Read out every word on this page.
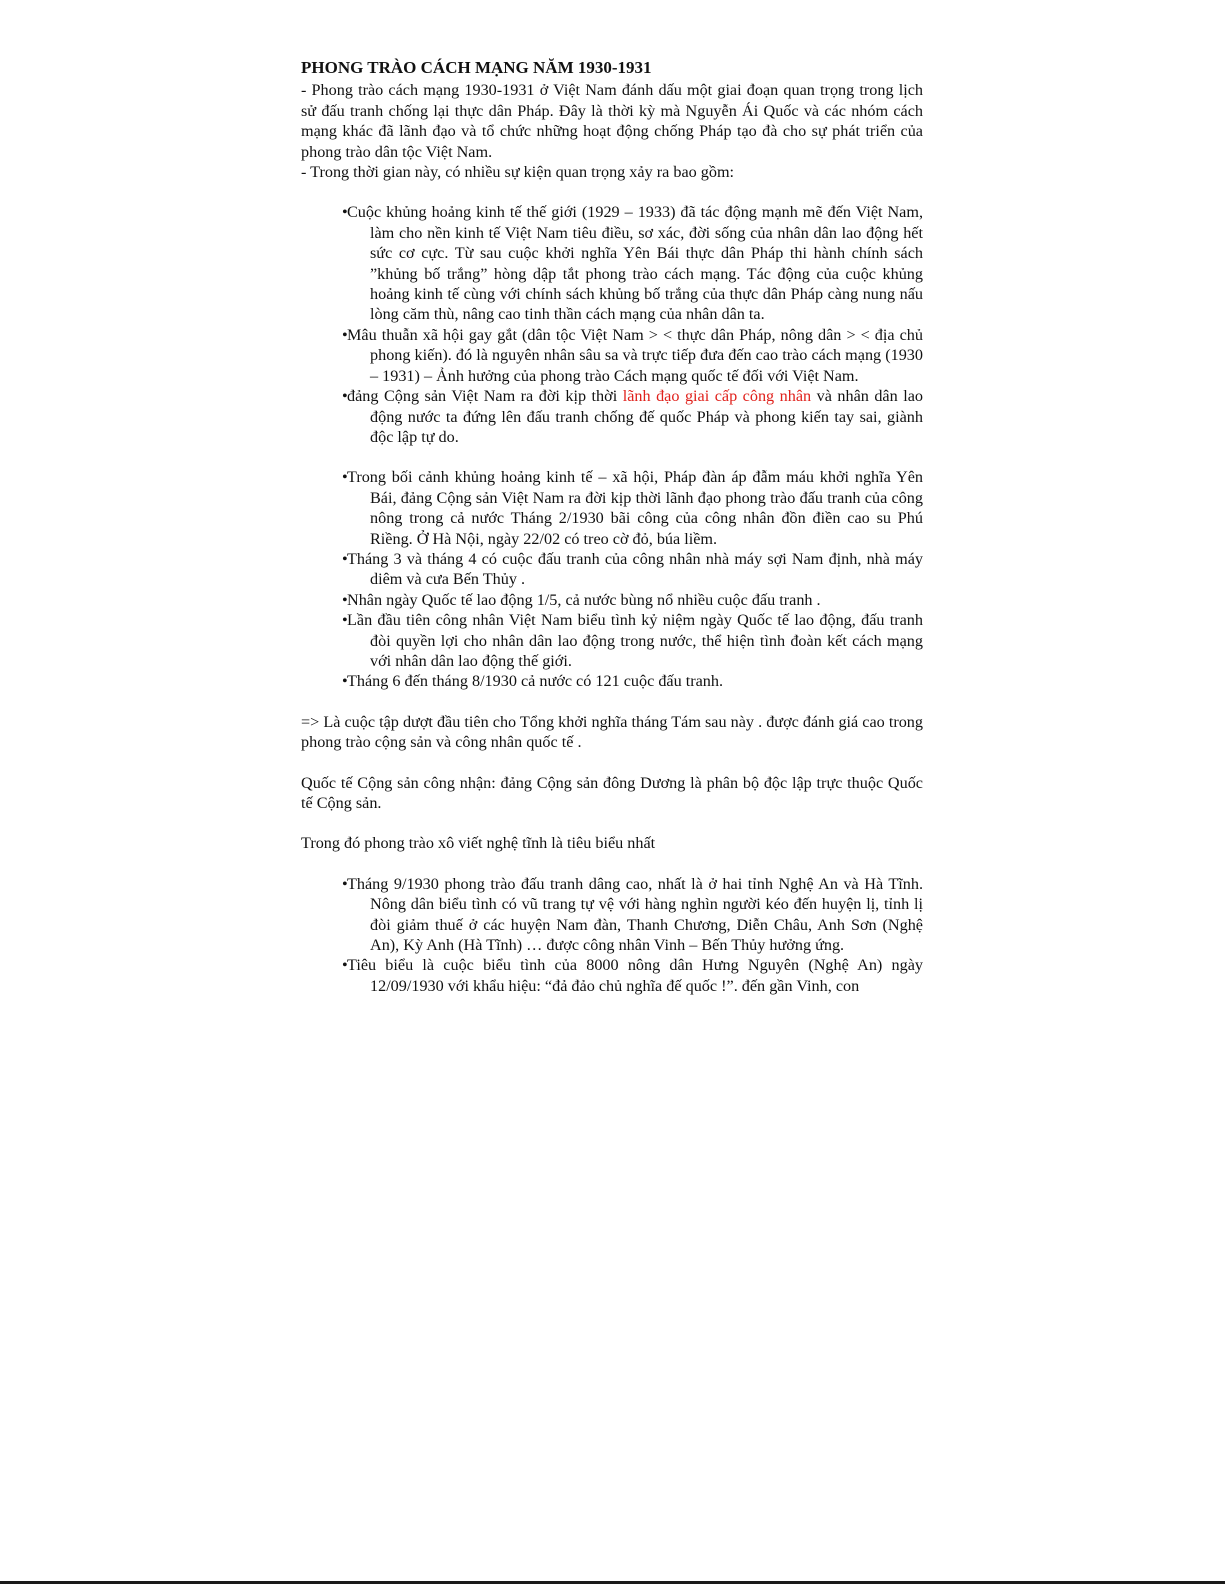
PHONG TRÀO CÁCH MẠNG NĂM 1930-1931

- Phong trào cách mạng 1930-1931 ở Việt Nam đánh dấu một giai đoạn quan trọng trong lịch sử đấu tranh chống lại thực dân Pháp. Đây là thời kỳ mà Nguyễn Ái Quốc và các nhóm cách mạng khác đã lãnh đạo và tổ chức những hoạt động chống Pháp tạo đà cho sự phát triển của phong trào dân tộc Việt Nam.

- Trong thời gian này, có nhiều sự kiện quan trọng xảy ra bao gồm:

•Cuộc khủng hoảng kinh tế thế giới (1929 – 1933) đã tác động mạnh mẽ đến Việt Nam, làm cho nền kinh tế Việt Nam tiêu điều, sơ xác, đời sống của nhân dân lao động hết sức cơ cực. Từ sau cuộc khởi nghĩa Yên Bái thực dân Pháp thi hành chính sách ”khủng bố trắng” hòng dập tắt phong trào cách mạng. Tác động của cuộc khủng hoảng kinh tế cùng với chính sách khủng bố trắng của thực dân Pháp càng nung nấu lòng căm thù, nâng cao tinh thần cách mạng của nhân dân ta.
•Mâu thuẫn xã hội gay gắt (dân tộc Việt Nam > < thực dân Pháp, nông dân > < địa chủ phong kiến). đó là nguyên nhân sâu sa và trực tiếp đưa đến cao trào cách mạng (1930 – 1931) – Ảnh hưởng của phong trào Cách mạng quốc tế đối với Việt Nam.
•đảng Cộng sản Việt Nam ra đời kịp thời lãnh đạo giai cấp công nhân và nhân dân lao động nước ta đứng lên đấu tranh chống đế quốc Pháp và phong kiến tay sai, giành độc lập tự do.
•Trong bối cảnh khủng hoảng kinh tế – xã hội, Pháp đàn áp đẫm máu khởi nghĩa Yên Bái, đảng Cộng sản Việt Nam ra đời kịp thời lãnh đạo phong trào đấu tranh của công nông trong cả nước Tháng 2/1930 bãi công của công nhân đồn điền cao su Phú Riềng. Ở Hà Nội, ngày 22/02 có treo cờ đỏ, búa liềm.
•Tháng 3 và tháng 4 có cuộc đấu tranh của công nhân nhà máy sợi Nam định, nhà máy diêm và cưa Bến Thủy .
•Nhân ngày Quốc tế lao động 1/5, cả nước bùng nổ nhiều cuộc đấu tranh .
•Lần đầu tiên công nhân Việt Nam biểu tình kỷ niệm ngày Quốc tế lao động, đấu tranh đòi quyền lợi cho nhân dân lao động trong nước, thể hiện tình đoàn kết cách mạng với nhân dân lao động thế giới.
•Tháng 6 đến tháng 8/1930 cả nước có 121 cuộc đấu tranh.

=> Là cuộc tập dượt đầu tiên cho Tổng khởi nghĩa tháng Tám sau này . được đánh giá cao trong phong trào cộng sản và công nhân quốc tế .

Quốc tế Cộng sản công nhận: đảng Cộng sản đông Dương là phân bộ độc lập trực thuộc Quốc tế Cộng sản.

Trong đó phong trào xô viết nghệ tĩnh là tiêu biểu nhất

•Tháng 9/1930 phong trào đấu tranh dâng cao, nhất là ở hai tỉnh Nghệ An và Hà Tĩnh. Nông dân biểu tình có vũ trang tự vệ với hàng nghìn người kéo đến huyện lị, tỉnh lị đòi giảm thuế ở các huyện Nam đàn, Thanh Chương, Diễn Châu, Anh Sơn (Nghệ An), Kỳ Anh (Hà Tĩnh) … được công nhân Vinh – Bến Thủy hưởng ứng.
•Tiêu biểu là cuộc biểu tình của 8000 nông dân Hưng Nguyên (Nghệ An) ngày 12/09/1930 với khẩu hiệu: “đả đảo chủ nghĩa đế quốc !”. đến gần Vinh, con
